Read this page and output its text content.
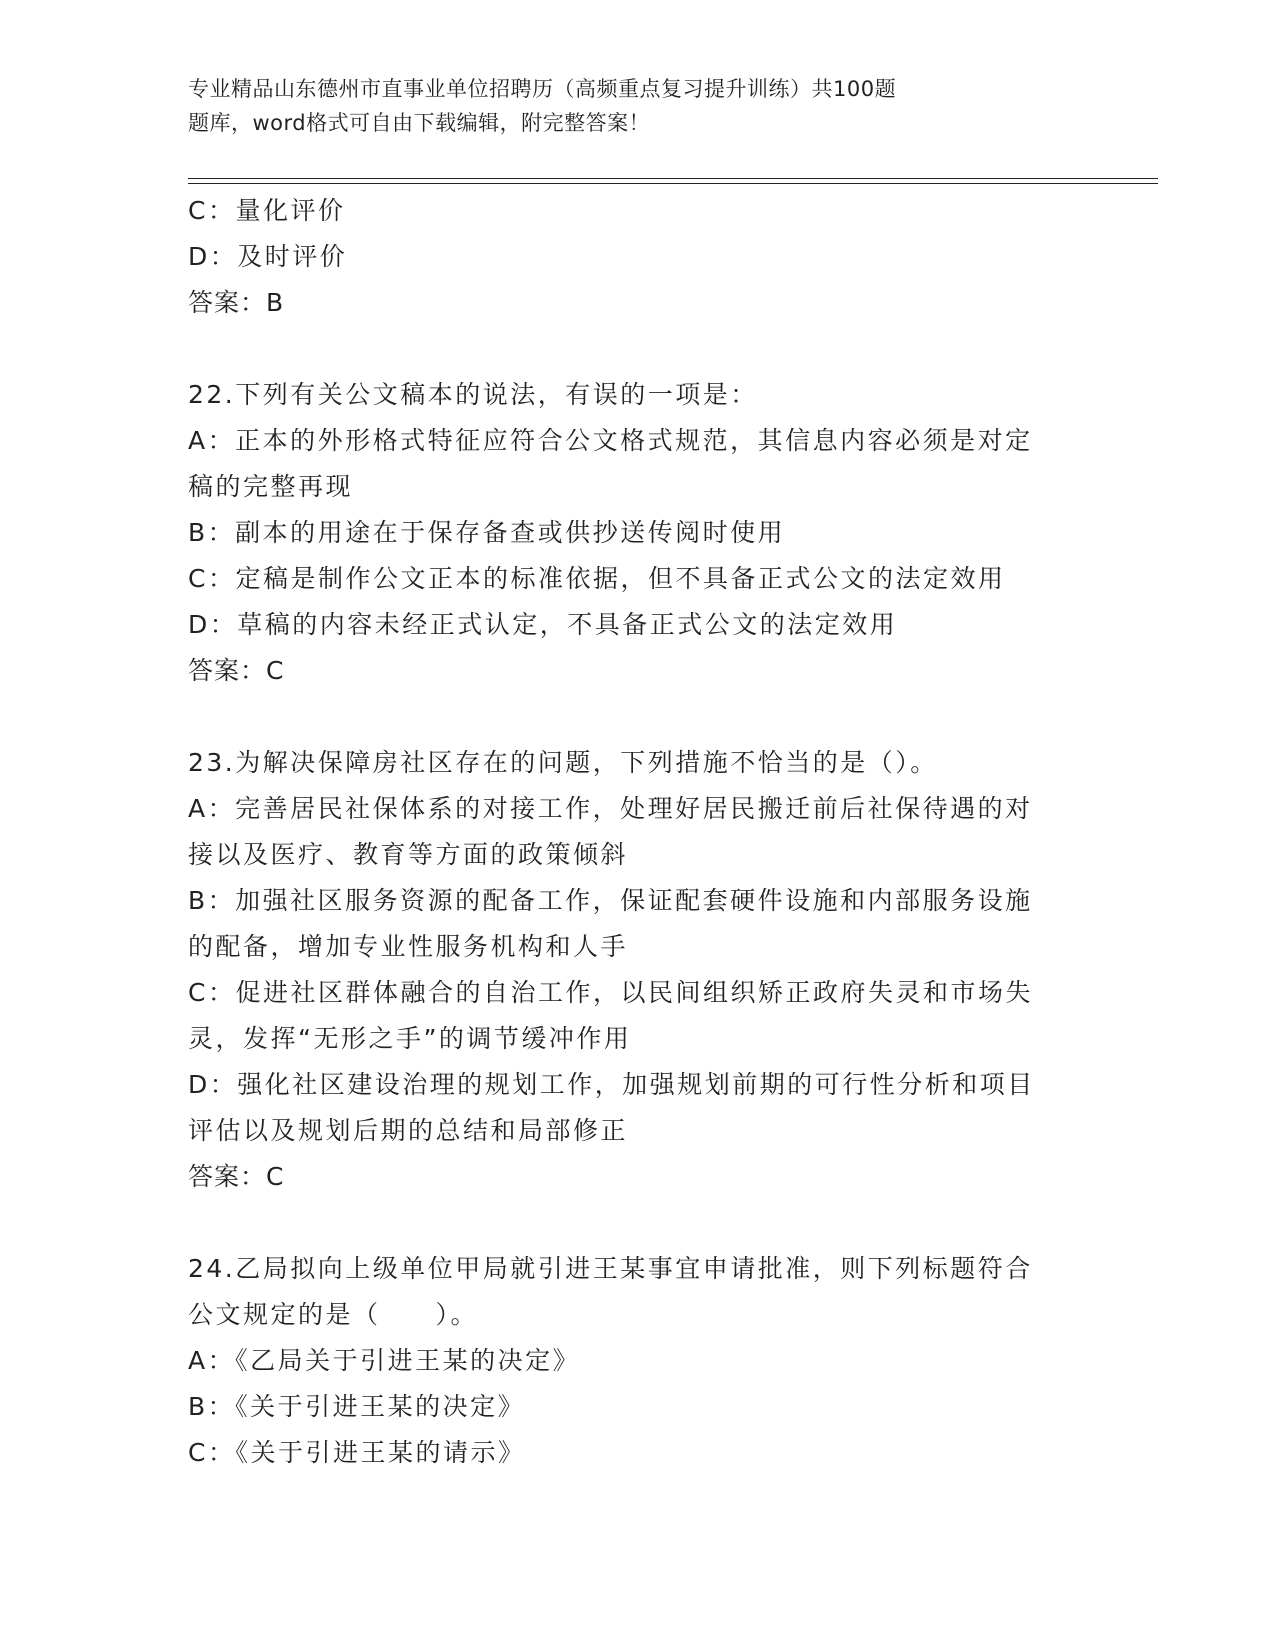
专业精品山东德州市直事业单位招聘历（高频重点复习提升训练）共100题
题库，word格式可自由下载编辑，附完整答案！
C：量化评价
D：及时评价
答案：B
22.下列有关公文稿本的说法，有误的一项是：
A：正本的外形格式特征应符合公文格式规范，其信息内容必须是对定
稿的完整再现
B：副本的用途在于保存备查或供抄送传阅时使用
C：定稿是制作公文正本的标准依据，但不具备正式公文的法定效用
D：草稿的内容未经正式认定，不具备正式公文的法定效用
答案：C
23.为解决保障房社区存在的问题，下列措施不恰当的是（）。
A：完善居民社保体系的对接工作，处理好居民搬迁前后社保待遇的对
接以及医疗、教育等方面的政策倾斜
B：加强社区服务资源的配备工作，保证配套硬件设施和内部服务设施
的配备，增加专业性服务机构和人手
C：促进社区群体融合的自治工作，以民间组织矫正政府失灵和市场失
灵，发挥“无形之手”的调节缓冲作用
D：强化社区建设治理的规划工作，加强规划前期的可行性分析和项目
评估以及规划后期的总结和局部修正
答案：C
24.乙局拟向上级单位甲局就引进王某事宜申请批准，则下列标题符合
公文规定的是（　　）。
A：《乙局关于引进王某的决定》
B：《关于引进王某的决定》
C：《关于引进王某的请示》
